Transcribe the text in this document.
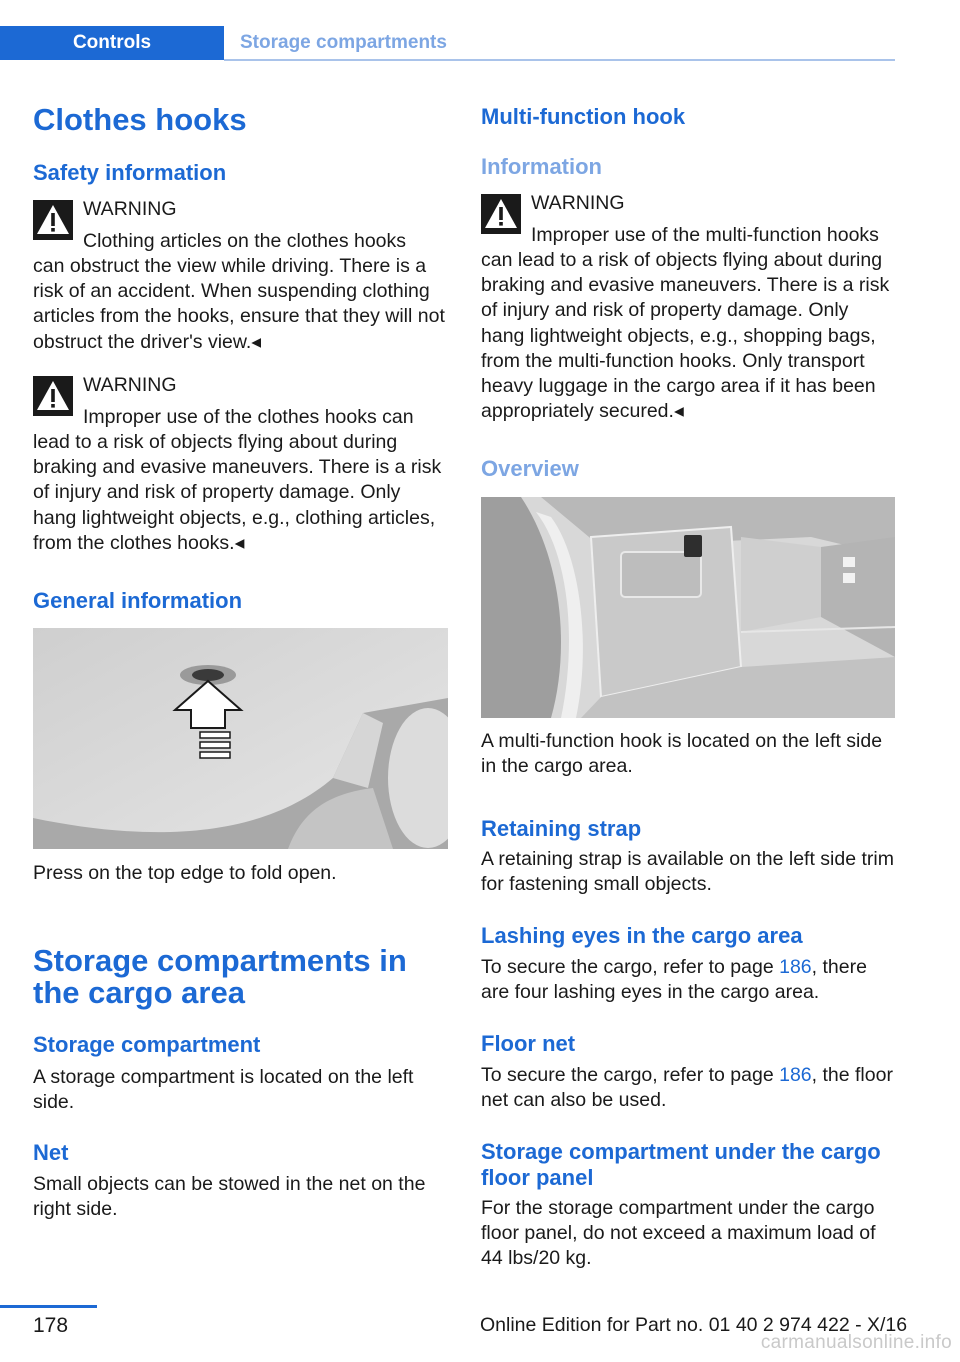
Controls	Storage compartments
Clothes hooks
Safety information
WARNING

Clothing articles on the clothes hooks

can obstruct the view while driving. There is a risk of an accident. When suspending clothing articles from the hooks, ensure that they will not obstruct the driver's view.◂

WARNING

Improper use of the clothes hooks can

lead to a risk of objects flying about during braking and evasive maneuvers. There is a risk of injury and risk of property damage. Only hang lightweight objects, e.g., clothing articles, from the clothes hooks.◂

General information

Press on the top edge to fold open.

Storage compartments in the cargo area
Storage compartment

A storage compartment is located on the left side.

Net

Small objects can be stowed in the net on the right side.

Multi-function hook
Information
WARNING

Improper use of the multi-function hooks

can lead to a risk of objects flying about during braking and evasive maneuvers. There is a risk of injury and risk of property damage. Only hang lightweight objects, e.g., shopping bags, from the multi-function hooks. Only transport heavy luggage in the cargo area if it has been appropriately secured.◂

Overview

A multi-function hook is located on the left side in the cargo area.

Retaining strap

A retaining strap is available on the left side trim for fastening small objects.

Lashing eyes in the cargo area

To secure the cargo, refer to page 186, there are four lashing eyes in the cargo area.

Floor net

To secure the cargo, refer to page 186, the floor net can also be used.

Storage compartment under the cargo floor panel

For the storage compartment under the cargo floor panel, do not exceed a maximum load of 44 lbs/20 kg.

178	Online Edition for Part no. 01 40 2 974 422 - X/16
carmanualsonline.info
